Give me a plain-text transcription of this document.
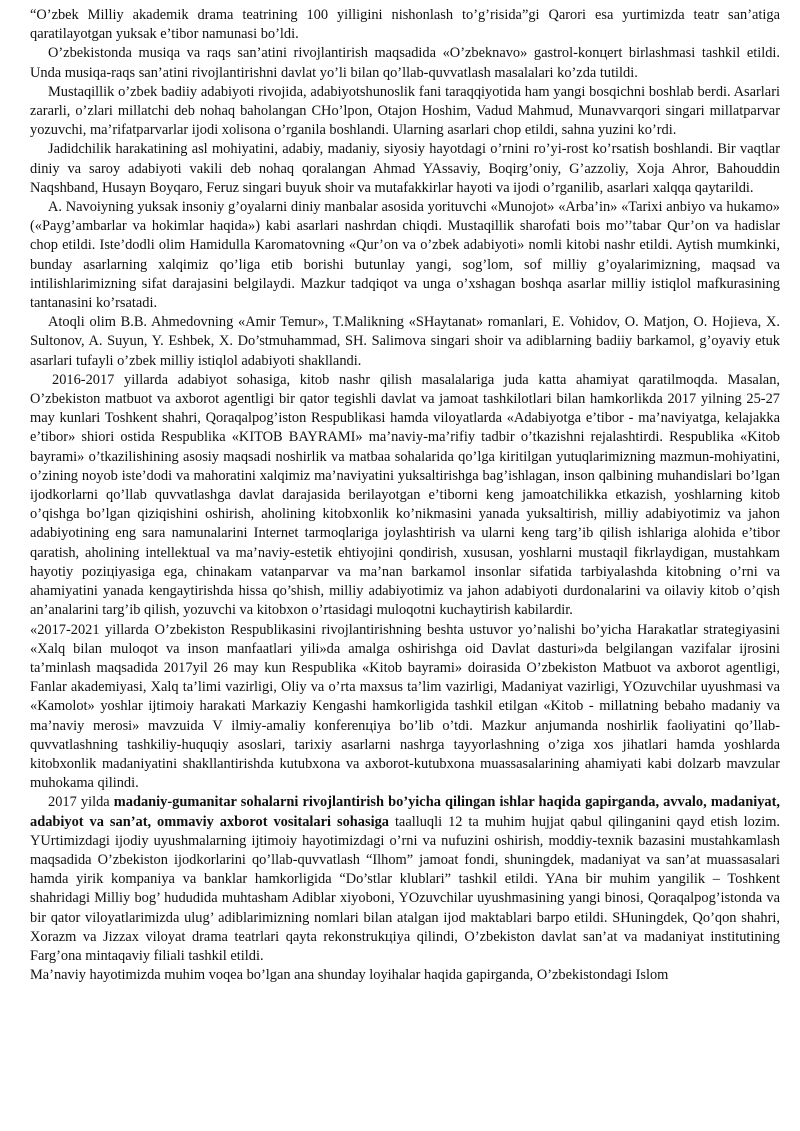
“O’zbek Milliy akademik drama teatrining 100 yilligini nishonlash to’g’risida”gi Qarori esa yurtimizda teatr san’atiga qaratilayotgan yuksak e’tibor namunasi bo’ldi.

O’zbekistonda musiqa va raqs san’atini rivojlantirish maqsadida «O’zbeknavo» gastrol-konцert birlashmasi tashkil etildi. Unda musiqa-raqs san’atini rivojlantirishni davlat yo’li bilan qo’llab-quvvatlash masalalari ko’zda tutildi.

Mustaqillik o’zbek badiiy adabiyoti rivojida, adabiyotshunoslik fani taraqqiyotida ham yangi bosqichni boshlab berdi. Asarlari zararli, o’zlari millatchi deb nohaq baholangan CHo’lpon, Otajon Hoshim, Vadud Mahmud, Munavvarqori singari millatparvar yozuvchi, ma’rifatparvarlar ijodi xolisona o’rganila boshlandi. Ularning asarlari chop etildi, sahna yuzini ko’rdi.

Jadidchilik harakatining asl mohiyatini, adabiy, madaniy, siyosiy hayotdagi o’rnini ro’yi-rost ko’rsatish boshlandi. Bir vaqtlar diniy va saroy adabiyoti vakili deb nohaq qoralangan Ahmad YAssaviy, Boqirg’oniy, G’azzoliy, Xoja Ahror, Bahouddin Naqshband, Husayn Boyqaro, Feruz singari buyuk shoir va mutafakkirlar hayoti va ijodi o’rganilib, asarlari xalqqa qaytarildi.

A. Navoiyning yuksak insoniy g’oyalarni diniy manbalar asosida yorituvchi «Munojot» «Arba’in» «Tarixi anbiyo va hukamo» («Payg’ambarlar va hokimlar haqida») kabi asarlari nashrdan chiqdi. Mustaqillik sharofati bois mo’’tabar Qur’on va hadislar chop etildi. Iste’dodli olim Hamidulla Karomatovning «Qur’on va o’zbek adabiyoti» nomli kitobi nashr etildi. Aytish mumkinki, bunday asarlarning xalqimiz qo’liga etib borishi butunlay yangi, sog’lom, sof milliy g’oyalarimizning, maqsad va intilishlarimizning sifat darajasini belgilaydi. Mazkur tadqiqot va unga o’xshagan boshqa asarlar milliy istiqlol mafkurasining tantanasini ko’rsatadi.

Atoqli olim B.B. Ahmedovning «Amir Temur», T.Malikning «SHaytanat» romanlari, E. Vohidov, O. Matjon, O. Hojieva, X. Sultonov, A. Suyun, Y. Eshbek, X. Do’stmuhammad, SH. Salimova singari shoir va adiblarning badiiy barkamol, g’oyaviy etuk asarlari tufayli o’zbek milliy istiqlol adabiyoti shakllandi.

2016-2017 yillarda adabiyot sohasiga, kitob nashr qilish masalalariga juda katta ahamiyat qaratilmoqda. Masalan, O’zbekiston matbuot va axborot agentligi bir qator tegishli davlat va jamoat tashkilotlari bilan hamkorlikda 2017 yilning 25-27 may kunlari Toshkent shahri, Qoraqalpog’iston Respublikasi hamda viloyatlarda «Adabiyotga e’tibor - ma’naviyatga, kelajakka e’tibor» shiori ostida Respublika «KITOB BAYRAMI» ma’naviy-ma’rifiy tadbir o’tkazishni rejalashtirdi. Respublika «Kitob bayrami» o’tkazilishining asosiy maqsadi noshirlik va matbaa sohalarida qo’lga kiritilgan yutuqlarimizning mazmun-mohiyatini, o’zining noyob iste’dodi va mahoratini xalqimiz ma’naviyatini yuksaltirishga bag’ishlagan, inson qalbining muhandislari bo’lgan ijodkorlarni qo’llab quvvatlashga davlat darajasida berilayotgan e’tiborni keng jamoatchilikka etkazish, yoshlarning kitob o’qishga bo’lgan qiziqishini oshirish, aholining kitobxonlik ko’nikmasini yanada yuksaltirish, milliy adabiyotimiz va jahon adabiyotining eng sara namunalarini Internet tarmoqlariga joylashtirish va ularni keng targ’ib qilish ishlariga alohida e’tibor qaratish, aholining intellektual va ma’naviy-estetik ehtiyojini qondirish, xususan, yoshlarni mustaqil fikrlaydigan, mustahkam hayotiy poziцiyasiga ega, chinakam vatanparvar va ma’nan barkamol insonlar sifatida tarbiyalashda kitobning o’rni va ahamiyatini yanada kengaytirishda hissa qo’shish, milliy adabiyotimiz va jahon adabiyoti durdonalarini va oilaviy kitob o’qish an’analarini targ’ib qilish, yozuvchi va kitobxon o’rtasidagi muloqotni kuchaytirish kabilardir.

«2017-2021 yillarda O’zbekiston Respublikasini rivojlantirishning beshta ustuvor yo’nalishi bo’yicha Harakatlar strategiyasini «Xalq bilan muloqot va inson manfaatlari yili»da amalga oshirishga oid Davlat dasturi»da belgilangan vazifalar ijrosini ta’minlash maqsadida 2017yil 26 may kun Respublika «Kitob bayrami» doirasida O’zbekiston Matbuot va axborot agentligi, Fanlar akademiyasi, Xalq ta’limi vazirligi, Oliy va o’rta maxsus ta’lim vazirligi, Madaniyat vazirligi, YOzuvchilar uyushmasi va «Kamolot» yoshlar ijtimoiy harakati Markaziy Kengashi hamkorligida tashkil etilgan «Kitob - millatning bebaho madaniy va ma’naviy merosi» mavzuida V ilmiy-amaliy konferenцiya bo’lib o’tdi. Mazkur anjumanda noshirlik faoliyatini qo’llab-quvvatlashning tashkiliy-huquqiy asoslari, tarixiy asarlarni nashrga tayyorlashning o’ziga xos jihatlari hamda yoshlarda kitobxonlik madaniyatini shakllantirishda kutubxona va axborot-kutubxona muassasalarining ahamiyati kabi dolzarb mavzular muhokama qilindi.

2017 yilda madaniy-gumanitar sohalarni rivojlantirish bo’yicha qilingan ishlar haqida gapirganda, avvalo, madaniyat, adabiyot va san’at, ommaviy axborot vositalari sohasiga taalluqli 12 ta muhim hujjat qabul qilinganini qayd etish lozim. YUrtimizdagi ijodiy uyushmalarning ijtimoiy hayotimizdagi o’rni va nufuzini oshirish, moddiy-texnik bazasini mustahkamlash maqsadida O’zbekiston ijodkorlarini qo’llab-quvvatlash “Ilhom” jamoat fondi, shuningdek, madaniyat va san’at muassasalari hamda yirik kompaniya va banklar hamkorligida “Do’stlar klublari” tashkil etildi. YAna bir muhim yangilik – Toshkent shahridagi Milliy bog’ hududida muhtasham Adiblar xiyoboni, YOzuvchilar uyushmasining yangi binosi, Qoraqalpog’istonda va bir qator viloyatlarimizda ulug’ adiblarimizning nomlari bilan atalgan ijod maktablari barpo etildi. SHuningdek, Qo’qon shahri, Xorazm va Jizzax viloyat drama teatrlari qayta rekonstrukцiya qilindi, O’zbekiston davlat san’at va madaniyat institutining Farg’ona mintaqaviy filiali tashkil etildi.

Ma’naviy hayotimizda muhim voqea bo’lgan ana shunday loyihalar haqida gapirganda, O’zbekistondagi Islom
